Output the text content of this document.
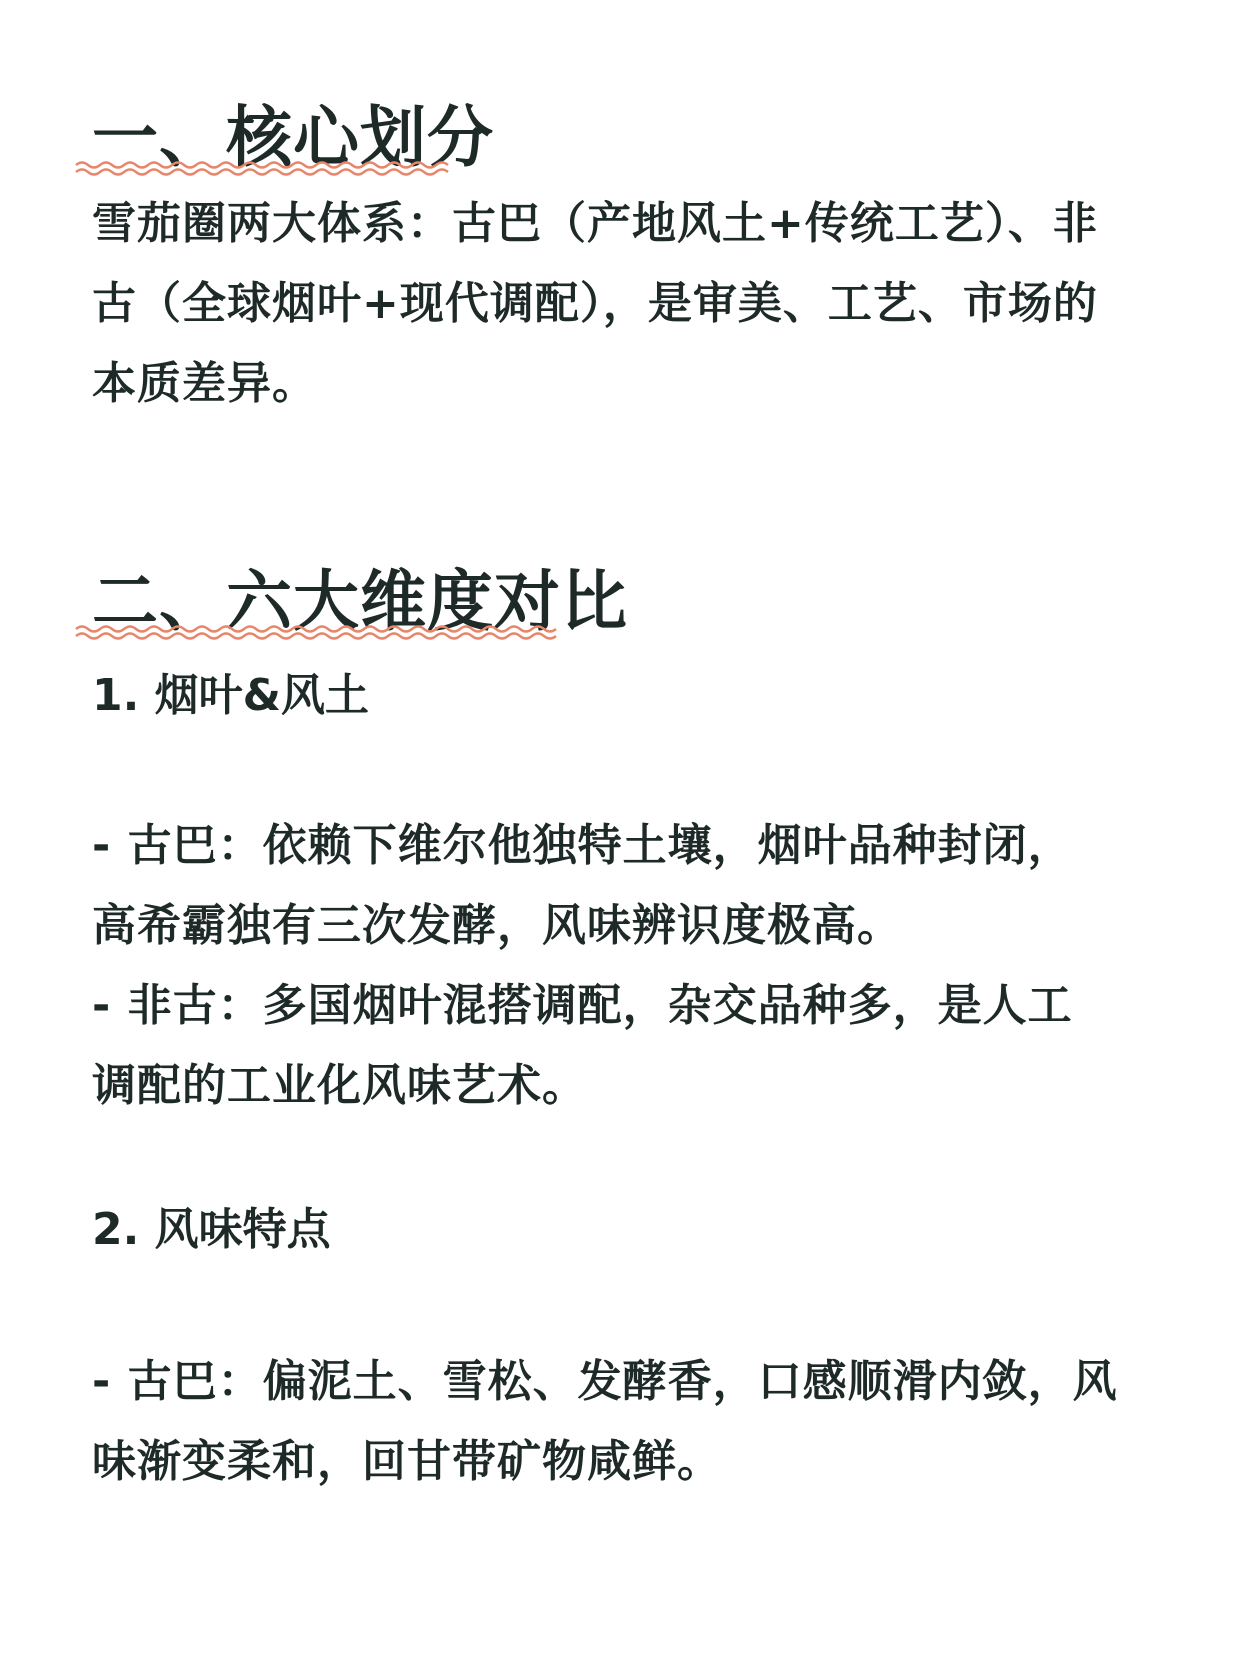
一、核心划分
雪茄圈两大体系：古巴（产地风土+传统工艺）、非
古（全球烟叶+现代调配），是审美、工艺、市场的
本质差异。
二、六大维度对比
1. 烟叶&风土
- 古巴：依赖下维尔他独特土壤，烟叶品种封闭，
高希霸独有三次发酵，风味辨识度极高。
- 非古：多国烟叶混搭调配，杂交品种多，是人工
调配的工业化风味艺术。
2. 风味特点
- 古巴：偏泥土、雪松、发酵香，口感顺滑内敛，风
味渐变柔和，回甘带矿物咸鲜。
